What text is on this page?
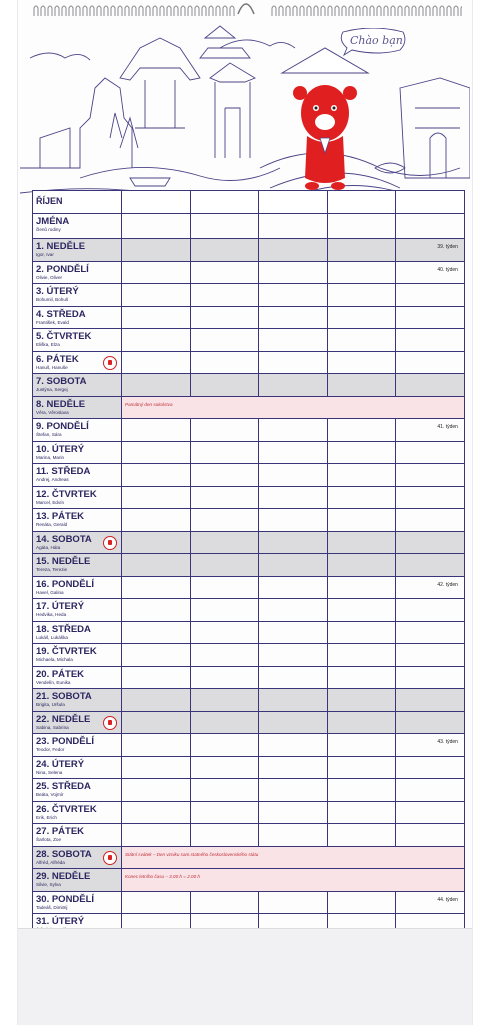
Chào bạn
ŘÍJEN					

JMÉNA
členů rodiny					

1. NEDĚLE
Igor, Ivar					39. týden

2. PONDĚLÍ
Olivie, Oliver					40. týden

3. ÚTERÝ
Bohumil, Bohuš					

4. STŘEDA
František, Evald					

5. ČTVRTEK
Eliška, Elza					

6. PÁTEK
Hanuš, Hanuše					

7. SOBOTA
Justýna, Sergej					

8. NEDĚLE
Věra, Věroslava	Památný den sokolstva				

9. PONDĚLÍ
Štefan, Sára					41. týden

10. ÚTERÝ
Marina, Marin					

11. STŘEDA
Andrej, Andreas					

12. ČTVRTEK
Marcel, Edvín					

13. PÁTEK
Renáta, Gerald					

14. SOBOTA
Agáta, Háta					

15. NEDĚLE
Tereza, Terezie					

16. PONDĚLÍ
Havel, Galina					42. týden

17. ÚTERÝ
Hedvika, Heda					

18. STŘEDA
Lukáš, Lukáška					

19. ČTVRTEK
Michaela, Michala					

20. PÁTEK
Vendelín, Eunika					

21. SOBOTA
Brigita, Uršula					

22. NEDĚLE
Sabina, Sabrina					

23. PONDĚLÍ
Teodor, Fedor					43. týden

24. ÚTERÝ
Nina, Selena					

25. STŘEDA
Beáta, Vojmír					

26. ČTVRTEK
Erik, Erich					

27. PÁTEK
Šarlota, Zoe					

28. SOBOTA
Alfréd, Alfréda	Státní svátek – Den vzniku sam.statného československého státu				

29. NEDĚLE
Silvie, Sylva	Konec letního času – 3.00 h = 2.00 h				

30. PONDĚLÍ
Tadeáš, Dimitrij					44. týden

31. ÚTERÝ					
